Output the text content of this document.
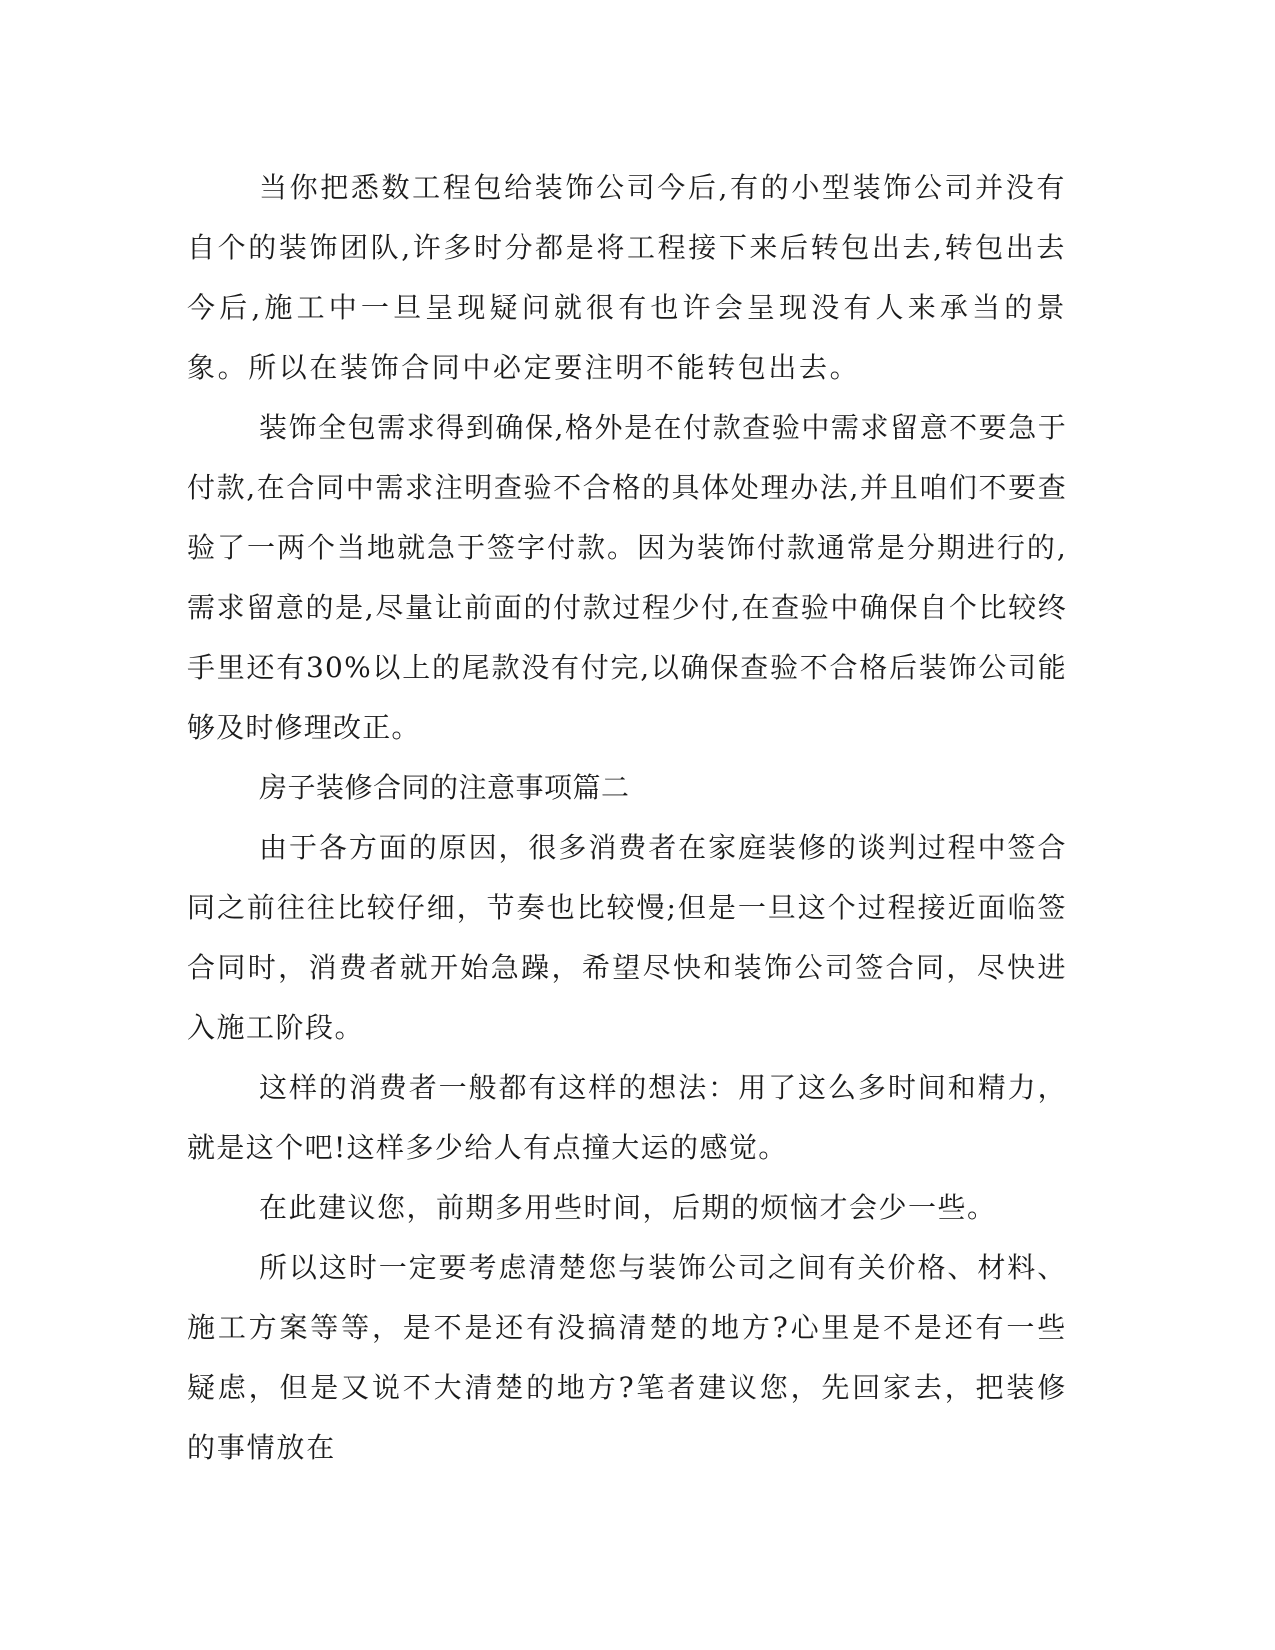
当你把悉数工程包给装饰公司今后,有的小型装饰公司并没有自个的装饰团队,许多时分都是将工程接下来后转包出去,转包出去今后,施工中一旦呈现疑问就很有也许会呈现没有人来承当的景象。所以在装饰合同中必定要注明不能转包出去。

装饰全包需求得到确保,格外是在付款查验中需求留意不要急于付款,在合同中需求注明查验不合格的具体处理办法,并且咱们不要查验了一两个当地就急于签字付款。因为装饰付款通常是分期进行的,需求留意的是,尽量让前面的付款过程少付,在查验中确保自个比较终手里还有30%以上的尾款没有付完,以确保查验不合格后装饰公司能够及时修理改正。

房子装修合同的注意事项篇二

由于各方面的原因，很多消费者在家庭装修的谈判过程中签合同之前往往比较仔细，节奏也比较慢;但是一旦这个过程接近面临签合同时，消费者就开始急躁，希望尽快和装饰公司签合同，尽快进入施工阶段。

这样的消费者一般都有这样的想法：用了这么多时间和精力，就是这个吧!这样多少给人有点撞大运的感觉。

在此建议您，前期多用些时间，后期的烦恼才会少一些。

所以这时一定要考虑清楚您与装饰公司之间有关价格、材料、施工方案等等，是不是还有没搞清楚的地方?心里是不是还有一些疑虑，但是又说不大清楚的地方?笔者建议您，先回家去，把装修的事情放在
